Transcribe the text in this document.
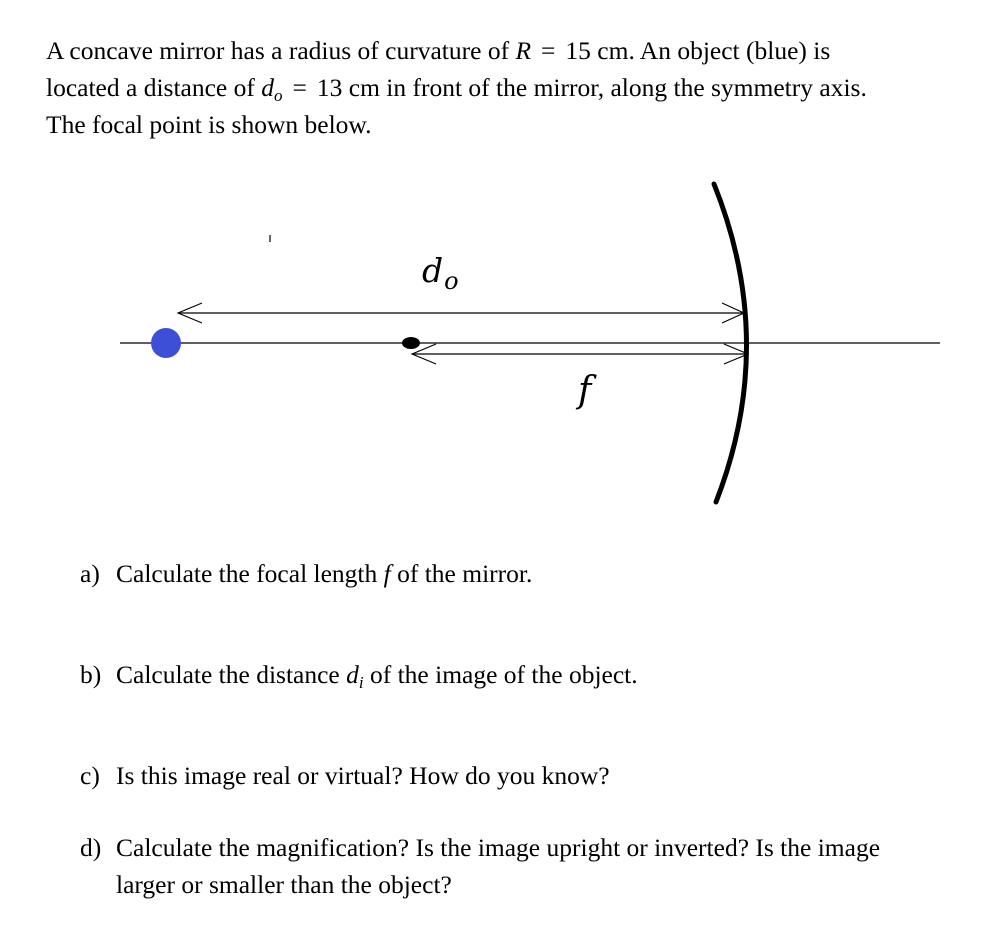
A concave mirror has a radius of curvature of R = 15 cm. An object (blue) is

located a distance of $d_o = 13$ cm in front of the mirror, along the symmetry axis.

The focal point is shown below.

$d_o$
f
a) Calculate the focal length f of the mirror.
b) Calculate the distance $d_i$ of the image of the object.
c) Is this image real or virtual? How do you know?
d) Calculate the magnification? Is the image upright or inverted? Is the image
larger or smaller than the object?
